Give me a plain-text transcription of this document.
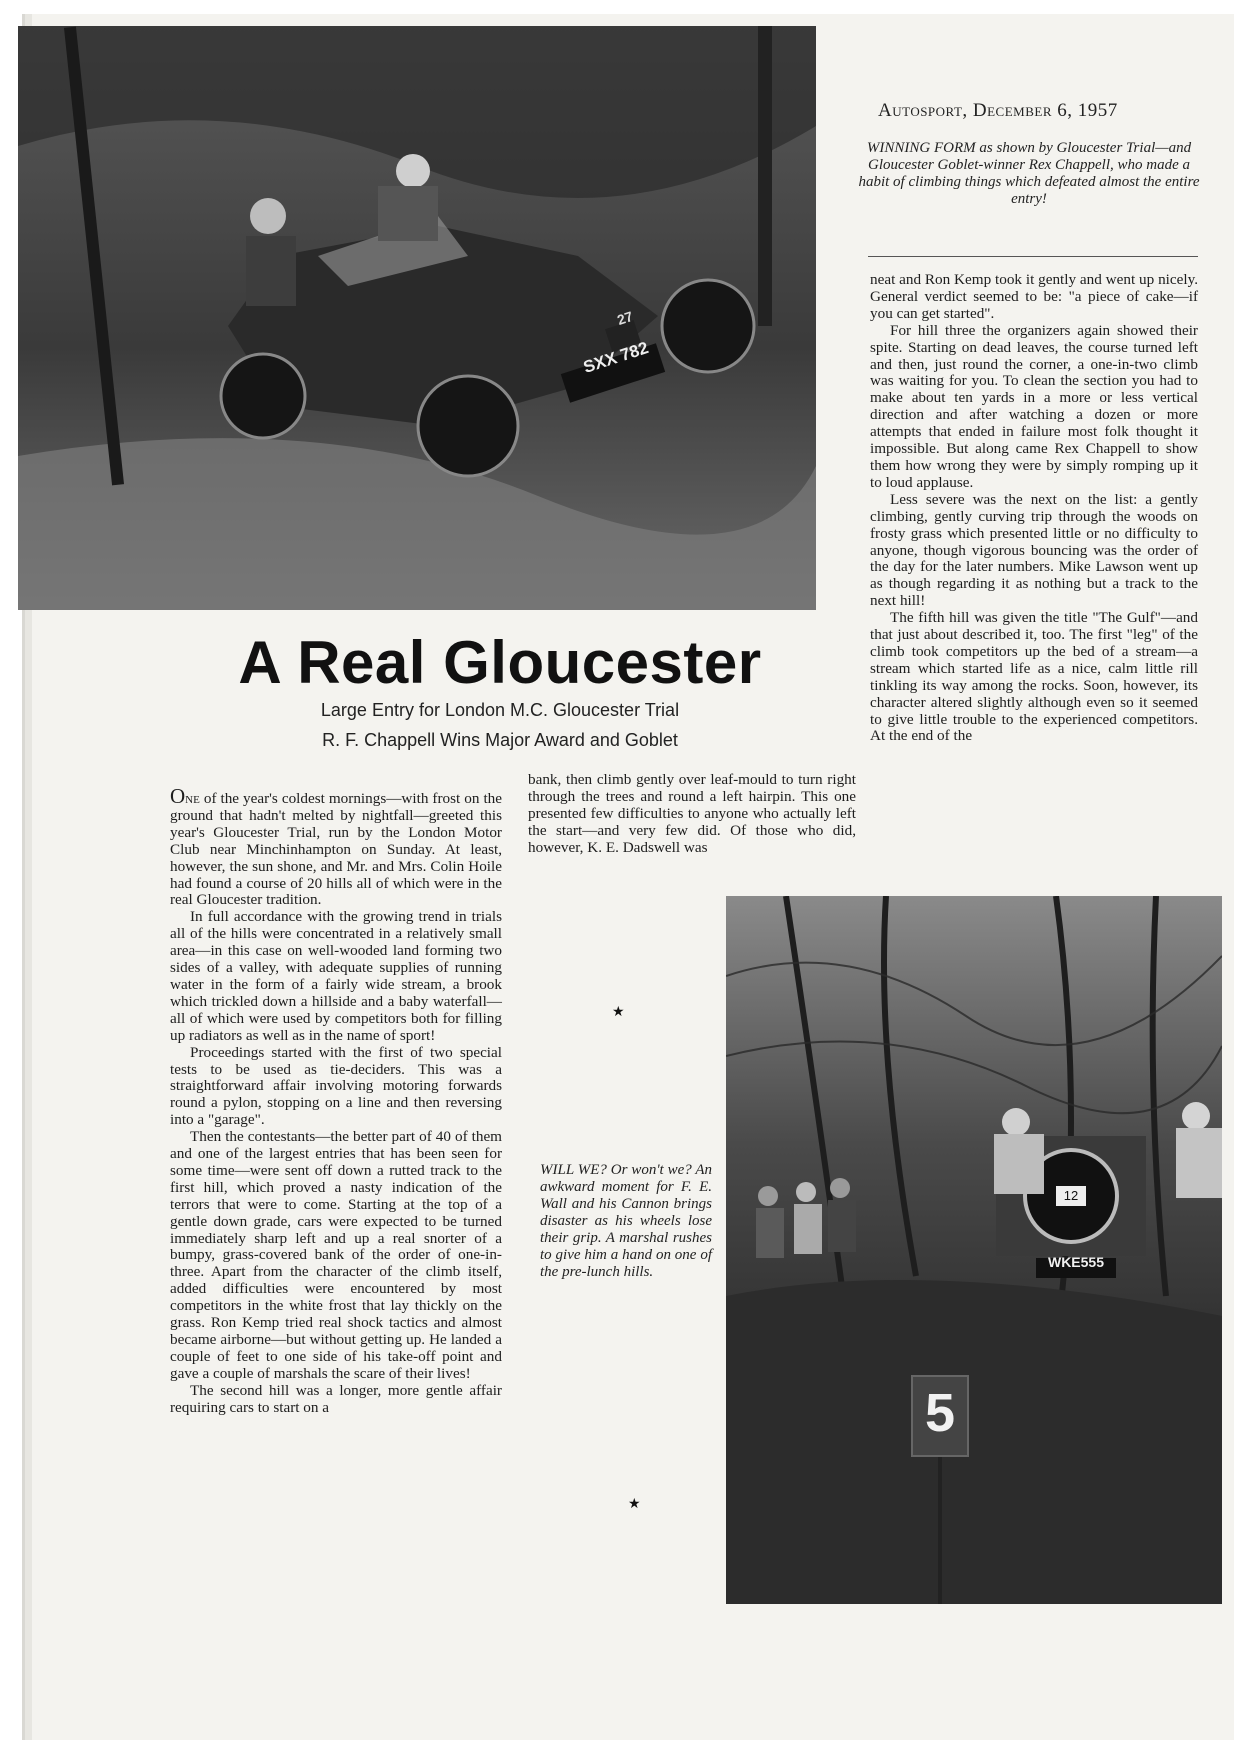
Autosport, December 6, 1957
WINNING FORM as shown by Gloucester Trial—and Gloucester Goblet-winner Rex Chappell, who made a habit of climbing things which defeated almost the entire entry!
A Real Gloucester
Large Entry for London M.C. Gloucester Trial
R. F. Chappell Wins Major Award and Goblet

One of the year's coldest mornings—with frost on the ground that hadn't melted by nightfall—greeted this year's Gloucester Trial, run by the London Motor Club near Minchinhampton on Sunday. At least, however, the sun shone, and Mr. and Mrs. Colin Hoile had found a course of 20 hills all of which were in the real Gloucester tradition.

In full accordance with the growing trend in trials all of the hills were concentrated in a relatively small area—in this case on well-wooded land forming two sides of a valley, with adequate supplies of running water in the form of a fairly wide stream, a brook which trickled down a hillside and a baby waterfall—all of which were used by competitors both for filling up radiators as well as in the name of sport!

Proceedings started with the first of two special tests to be used as tie-deciders. This was a straightforward affair involving motoring forwards round a pylon, stopping on a line and then reversing into a "garage".

Then the contestants—the better part of 40 of them and one of the largest entries that has been seen for some time—were sent off down a rutted track to the first hill, which proved a nasty indication of the terrors that were to come. Starting at the top of a gentle down grade, cars were expected to be turned immediately sharp left and up a real snorter of a bumpy, grass-covered bank of the order of one-in-three. Apart from the character of the climb itself, added difficulties were encountered by most competitors in the white frost that lay thickly on the grass. Ron Kemp tried real shock tactics and almost became airborne—but without getting up. He landed a couple of feet to one side of his take-off point and gave a couple of marshals the scare of their lives!

The second hill was a longer, more gentle affair requiring cars to start on a

bank, then climb gently over leaf-mould to turn right through the trees and round a left hairpin. This one presented few difficulties to anyone who actually left the start—and very few did. Of those who did, however, K. E. Dadswell was

★
★

neat and Ron Kemp took it gently and went up nicely. General verdict seemed to be: "a piece of cake—if you can get started".

For hill three the organizers again showed their spite. Starting on dead leaves, the course turned left and then, just round the corner, a one-in-two climb was waiting for you. To clean the section you had to make about ten yards in a more or less vertical direction and after watching a dozen or more attempts that ended in failure most folk thought it impossible. But along came Rex Chappell to show them how wrong they were by simply romping up it to loud applause.

Less severe was the next on the list: a gently climbing, gently curving trip through the woods on frosty grass which presented little or no difficulty to anyone, though vigorous bouncing was the order of the day for the later numbers. Mike Lawson went up as though regarding it as nothing but a track to the next hill!

The fifth hill was given the title "The Gulf"—and that just about described it, too. The first "leg" of the climb took competitors up the bed of a stream—a stream which started life as a nice, calm little rill tinkling its way among the rocks. Soon, however, its character altered slightly although even so it seemed to give little trouble to the experienced competitors. At the end of the

WILL WE? Or won't we? An awkward moment for F. E. Wall and his Cannon brings disaster as his wheels lose their grip. A marshal rushes to give him a hand on one of the pre-lunch hills.
5
WKE555
12
SXX 782
27
